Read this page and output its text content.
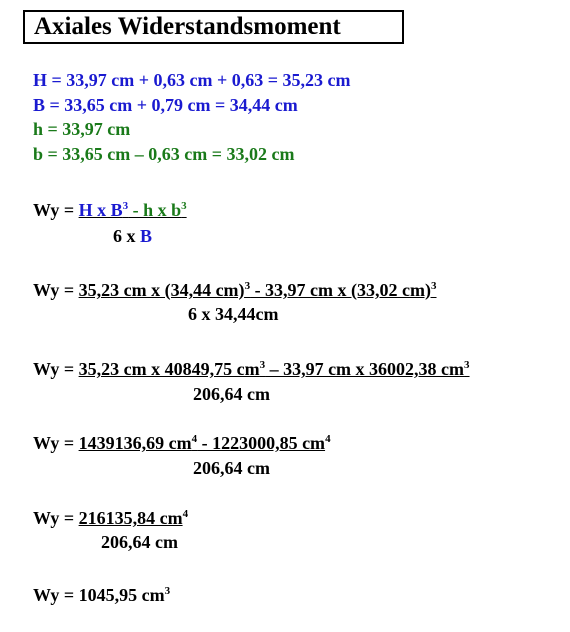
Axiales Widerstandsmoment
H = 33,97 cm + 0,63 cm + 0,63 = 35,23 cm
B = 33,65 cm + 0,79 cm = 34,44 cm
h = 33,97 cm
b = 33,65 cm – 0,63 cm = 33,02 cm
Wy = H x $B^3$ - h x $b^3$
6 x B
Wy = 35,23 cm x (34,44 cm)$^3$ - 33,97 cm x (33,02 cm)$^3$
6 x 34,44cm
Wy = 35,23 cm x 40849,75 $cm^3 - 33,97$ cm x 36002,38 $cm^3$
206,64 cm
Wy = 1439136,69 $cm^4 - 1223000,85$ $cm^4$
206,64 cm
Wy = 216135,84 $cm^4$
206,64 cm
Wy = 1045,95 $cm^3$
